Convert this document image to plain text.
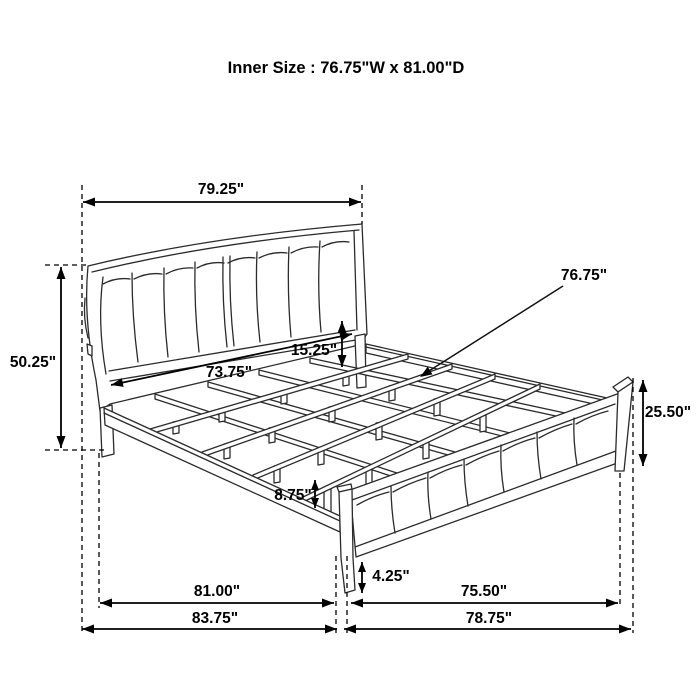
Inner Size : 76.75"W x 81.00"D
79.25"
50.25"
73.75"
15.25"
76.75"
25.50"
8.75"
4.25"
81.00"	75.50"
83.75"	78.75"
